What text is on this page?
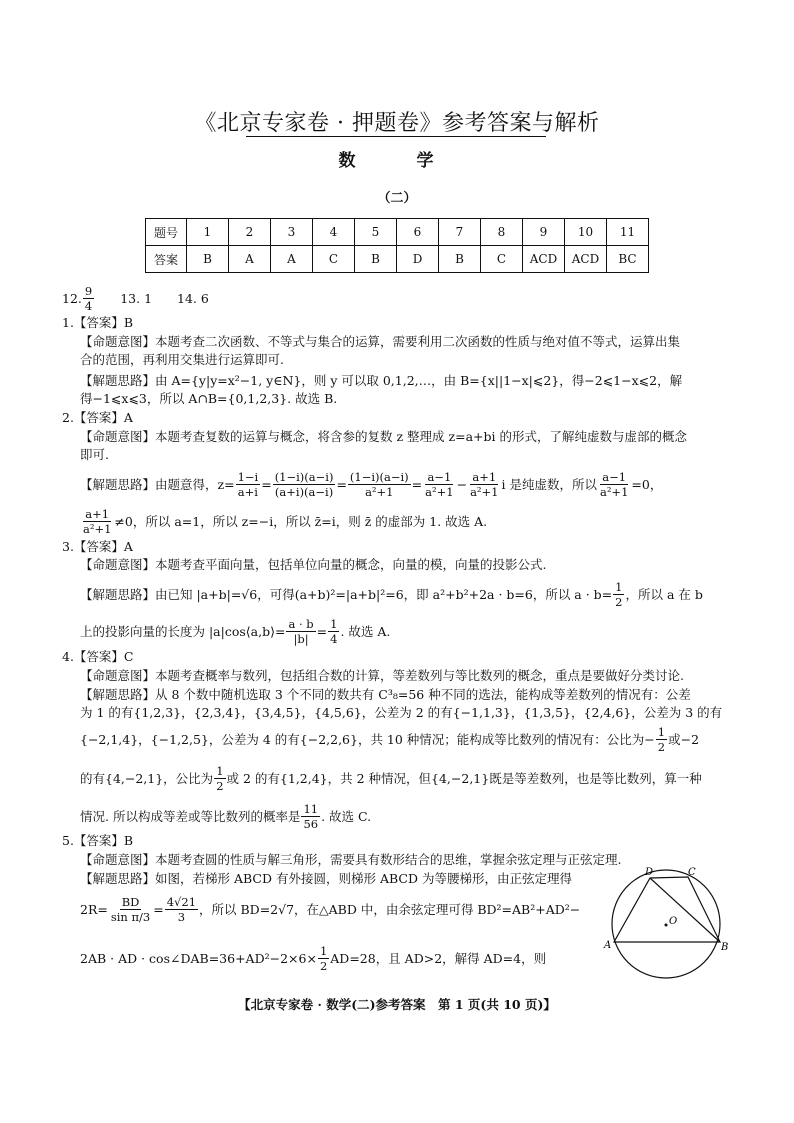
《北京专家卷 · 押题卷》参考答案与解析
数　学
（二）
题号	1	2	3	4	5	6	7	8	9	10	11
答案	B	A	A	C	B	D	B	C	ACD	ACD	BC
12. $\frac{9}{4}$ 　　13. 1　　14. 6
1.【答案】B
【命题意图】本题考查二次函数、不等式与集合的运算，需要利用二次函数的性质与绝对值不等式，运算出集
合的范围，再利用交集进行运算即可.
【解题思路】由 A={y|y=x²−1, y∈N}，则 y 可以取 0,1,2,…，由 B={x||1−x|⩽2}，得−2⩽1−x⩽2，解
得−1⩽x⩽3，所以 A∩B={0,1,2,3}. 故选 B.
2.【答案】A
【命题意图】本题考查复数的运算与概念，将含参的复数 z 整理成 z=a+bi 的形式，了解纯虚数与虚部的概念
即可.
【解题思路】由题意得，$z= \frac{1-i}{a+i} = \frac{(1-i)(a-i)}{(a+i)(a-i)} = \frac{(1-i)(a-i)}{\text{a²+1}} = \frac{a-1}{\text{a²+1}} - \frac{a+1}{\text{a²+1}}$ i 是纯虚数，所以 $\frac{a-1}{\text{a²+1}} =0$，
$\frac{a+1}{\text{a²+1}} \ne 0$，所以 a=1，所以 z=−i，所以 z̄=i，则 z̄ 的虚部为 1. 故选 A.
3.【答案】A
【命题意图】本题考查平面向量，包括单位向量的概念，向量的模，向量的投影公式.
【解题思路】由已知 |a+b|=√6，可得(a+b)²=|a+b|²=6，即 a²+b²+2a · b=6，所以 $a \cdot b= \frac{1}{2}$ ，所以 a 在 b
上的投影向量的长度为 |a|cos⟨a,b⟩= $\frac{a \cdot b}{|b|} = \frac{1}{4}$ . 故选 A.
4.【答案】C
【命题意图】本题考查概率与数列，包括组合数的计算，等差数列与等比数列的概念，重点是要做好分类讨论.
【解题思路】从 8 个数中随机选取 3 个不同的数共有 C³₈=56 种不同的选法，能构成等差数列的情况有：公差
为 1 的有{1,2,3}，{2,3,4}，{3,4,5}，{4,5,6}，公差为 2 的有{−1,1,3}，{1,3,5}，{2,4,6}，公差为 3 的有
{−2,1,4}，{−1,2,5}，公差为 4 的有{−2,2,6}，共 10 种情况；能构成等比数列的情况有：公比为− $\frac{1}{2}$ 或−2
的有{4,−2,1}，公比为 $\frac{1}{2}$ 或 2 的有{1,2,4}，共 2 种情况，但{4,−2,1}既是等差数列，也是等比数列，算一种
情况. 所以构成等差或等比数列的概率是 $\frac{11}{56}$ . 故选 C.
5.【答案】B
【命题意图】本题考查圆的性质与解三角形，需要具有数形结合的思维，掌握余弦定理与正弦定理.
【解题思路】如图，若梯形 ABCD 有外接圆，则梯形 ABCD 为等腰梯形，由正弦定理得
$2R= \frac{BD}{\text{sin π/3}} = \frac{4√21}{3}$ ，所以 BD=2√7，在△ABD 中，由余弦定理可得 BD²=AB²+AD²−
2AB · AD · cos∠DAB=36+AD²−2×6× $\frac{1}{2} AD=28$，且 AD>2，解得 AD=4，则
D	C
A	B
O
【北京专家卷 · 数学(二)参考答案　第 1 页(共 10 页)】
